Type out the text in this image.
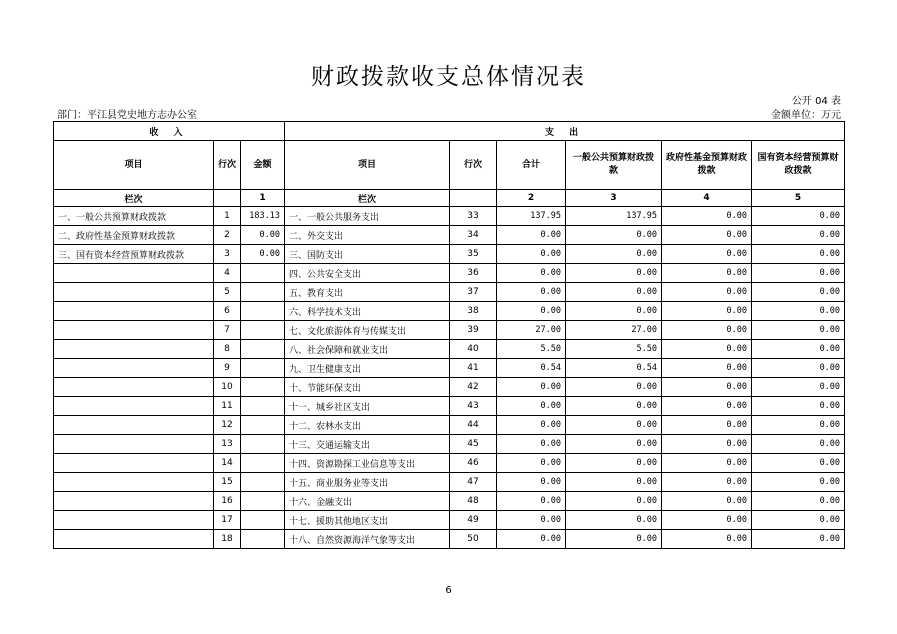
财政拨款收支总体情况表
公开 04 表
部门：平江县党史地方志办公室	金额单位：万元
收 入			支 出					
项目	行次	金额	项目	行次	合计	一般公共预算财政拨款	政府性基金预算财政拨款	国有资本经营预算财政拨款
栏次		1	栏次		2	3	4	5
一、一般公共预算财政拨款	1	183.13	一、一般公共服务支出	33	137.95	137.95	0.00	0.00
二、政府性基金预算财政拨款	2	0.00	二、外交支出	34	0.00	0.00	0.00	0.00
三、国有资本经营预算财政拨款	3	0.00	三、国防支出	35	0.00	0.00	0.00	0.00
	4		四、公共安全支出	36	0.00	0.00	0.00	0.00
	5		五、教育支出	37	0.00	0.00	0.00	0.00
	6		六、科学技术支出	38	0.00	0.00	0.00	0.00
	7		七、文化旅游体育与传媒支出	39	27.00	27.00	0.00	0.00
	8		八、社会保障和就业支出	40	5.50	5.50	0.00	0.00
	9		九、卫生健康支出	41	0.54	0.54	0.00	0.00
	10		十、节能环保支出	42	0.00	0.00	0.00	0.00
	11		十一、城乡社区支出	43	0.00	0.00	0.00	0.00
	12		十二、农林水支出	44	0.00	0.00	0.00	0.00
	13		十三、交通运输支出	45	0.00	0.00	0.00	0.00
	14		十四、资源勘探工业信息等支出	46	0.00	0.00	0.00	0.00
	15		十五、商业服务业等支出	47	0.00	0.00	0.00	0.00
	16		十六、金融支出	48	0.00	0.00	0.00	0.00
	17		十七、援助其他地区支出	49	0.00	0.00	0.00	0.00
	18		十八、自然资源海洋气象等支出	50	0.00	0.00	0.00	0.00
6
